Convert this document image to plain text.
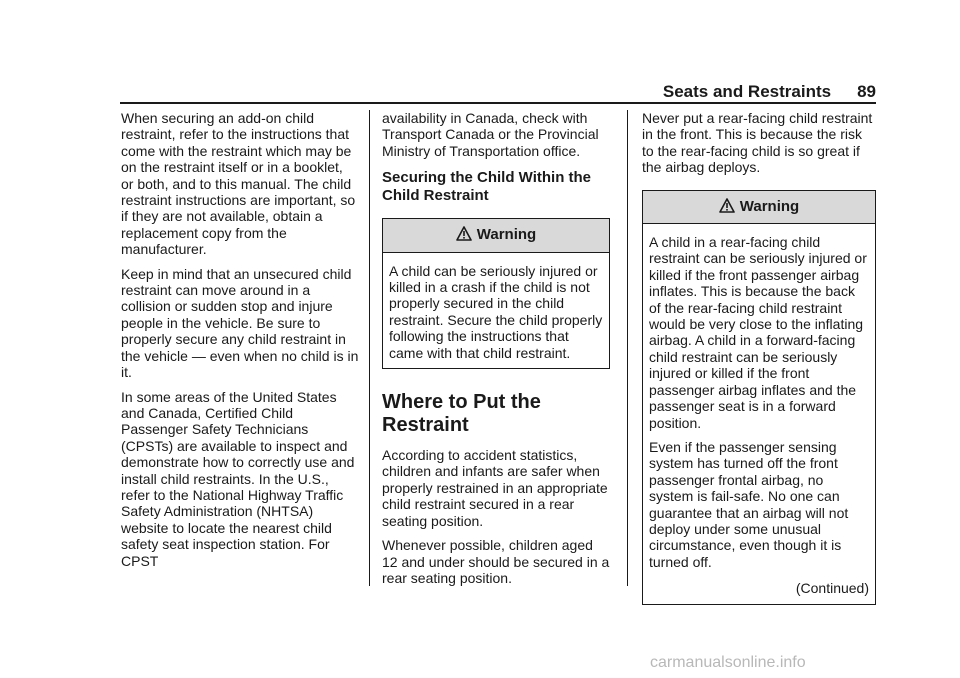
Seats and Restraints 89

When securing an add-on child restraint, refer to the instructions that come with the restraint which may be on the restraint itself or in a booklet, or both, and to this manual. The child restraint instructions are important, so if they are not available, obtain a replacement copy from the manufacturer.

Keep in mind that an unsecured child restraint can move around in a collision or sudden stop and injure people in the vehicle. Be sure to properly secure any child restraint in the vehicle — even when no child is in it.

In some areas of the United States and Canada, Certified Child Passenger Safety Technicians (CPSTs) are available to inspect and demonstrate how to correctly use and install child restraints. In the U.S., refer to the National Highway Traffic Safety Administration (NHTSA) website to locate the nearest child safety seat inspection station. For CPST

availability in Canada, check with Transport Canada or the Provincial Ministry of Transportation office.

Securing the Child Within the Child Restraint
Warning

A child can be seriously injured or killed in a crash if the child is not properly secured in the child restraint. Secure the child properly following the instructions that came with that child restraint.

Where to Put the Restraint

According to accident statistics, children and infants are safer when properly restrained in an appropriate child restraint secured in a rear seating position.

Whenever possible, children aged 12 and under should be secured in a rear seating position.

Never put a rear-facing child restraint in the front. This is because the risk to the rear-facing child is so great if the airbag deploys.

Warning

A child in a rear-facing child restraint can be seriously injured or killed if the front passenger airbag inflates. This is because the back of the rear-facing child restraint would be very close to the inflating airbag. A child in a forward-facing child restraint can be seriously injured or killed if the front passenger airbag inflates and the passenger seat is in a forward position.

Even if the passenger sensing system has turned off the front passenger frontal airbag, no system is fail-safe. No one can guarantee that an airbag will not deploy under some unusual circumstance, even though it is turned off.

(Continued)
carmanualsonline.info
